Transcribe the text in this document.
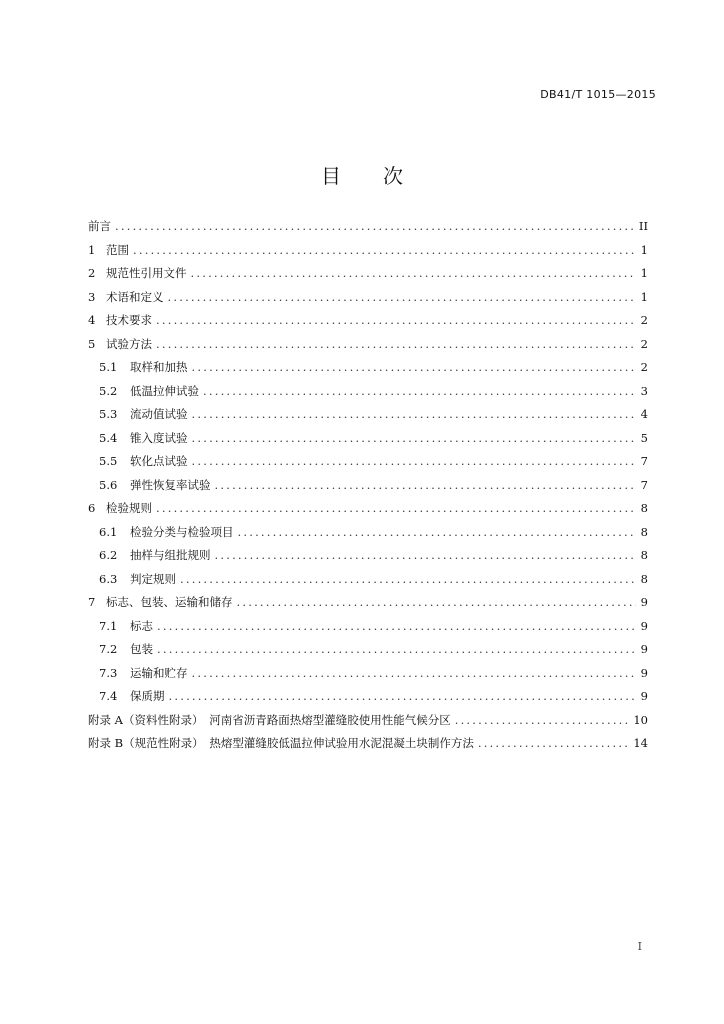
DB41/T 1015—2015
目 次
前言 .....	II
1 范围 .....	1
2 规范性引用文件 .....	1
3 术语和定义 .....	1
4 技术要求 .....	2
5 试验方法 .....	2
5.1	取样和加热 .....	2
5.2	低温拉伸试验 .....	3
5.3	流动值试验 .....	4
5.4	锥入度试验 .....	5
5.5	软化点试验 .....	7
5.6	弹性恢复率试验 .....	7
6 检验规则 .....	8
6.1	检验分类与检验项目 .....	8
6.2	抽样与组批规则 .....	8
6.3	判定规则 .....	8
7 标志、包装、运输和储存 .....	9
7.1	标志 .....	9
7.2	包装 .....	9
7.3	运输和贮存 .....	9
7.4	保质期 .....	9
附录 A（资料性附录）　河南省沥青路面热熔型灌缝胶使用性能气候分区 .....	10
附录 B（规范性附录）　热熔型灌缝胶低温拉伸试验用水泥混凝土块制作方法 .....	14
I
